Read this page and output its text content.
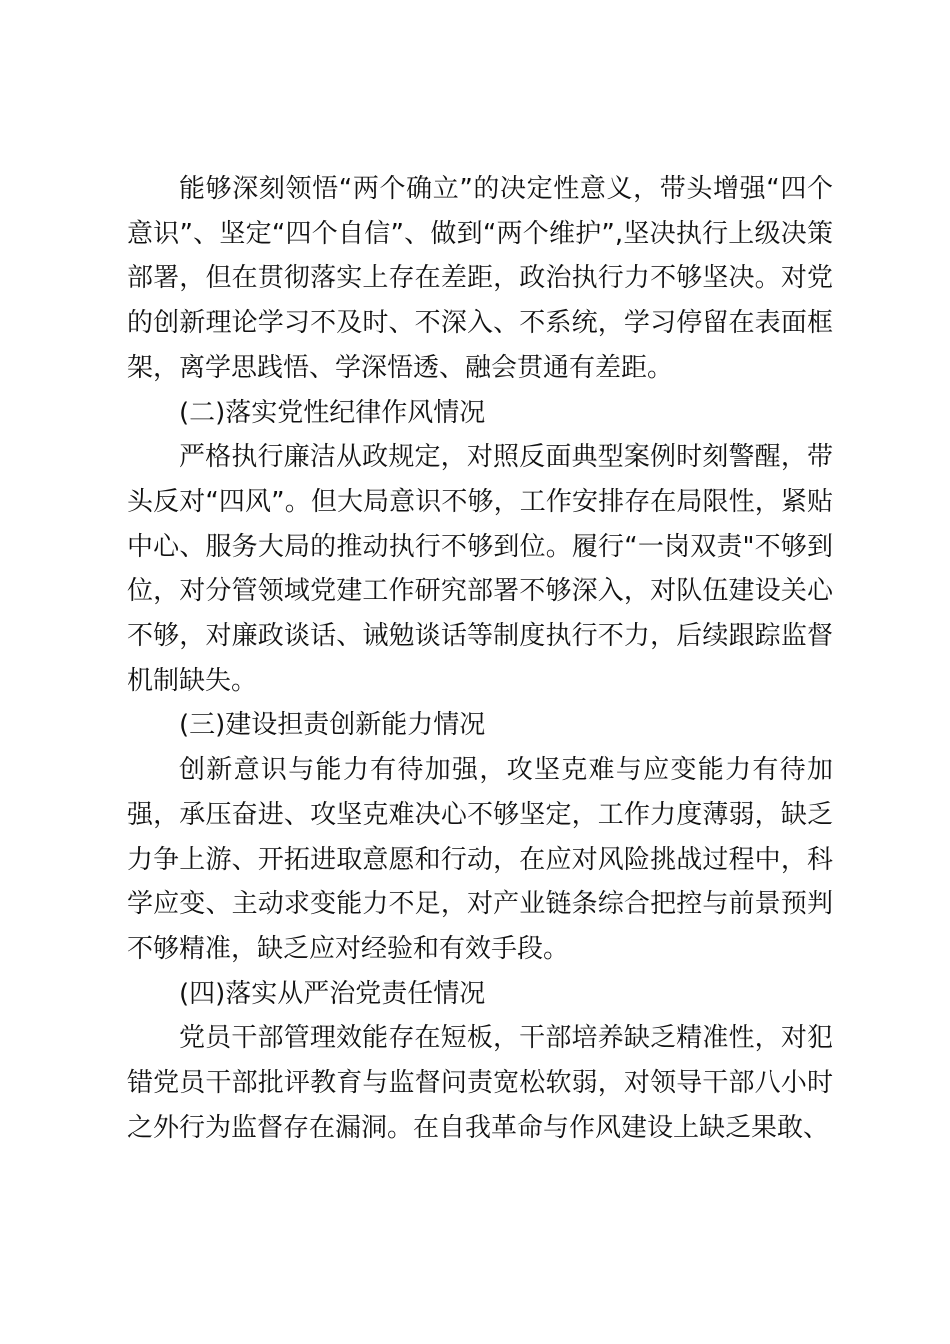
能够深刻领悟“两个确立”的决定性意义，带头增强“四个意识”、坚定“四个自信”、做到“两个维护”,坚决执行上级决策部署，但在贯彻落实上存在差距，政治执行力不够坚决。对党的创新理论学习不及时、不深入、不系统，学习停留在表面框架，离学思践悟、学深悟透、融会贯通有差距。

(二)落实党性纪律作风情况

严格执行廉洁从政规定，对照反面典型案例时刻警醒，带头反对“四风”。但大局意识不够，工作安排存在局限性，紧贴中心、服务大局的推动执行不够到位。履行“一岗双责"不够到位，对分管领域党建工作研究部署不够深入，对队伍建设关心不够，对廉政谈话、诫勉谈话等制度执行不力，后续跟踪监督机制缺失。

(三)建设担责创新能力情况

创新意识与能力有待加强，攻坚克难与应变能力有待加强，承压奋进、攻坚克难决心不够坚定，工作力度薄弱，缺乏力争上游、开拓进取意愿和行动，在应对风险挑战过程中，科学应变、主动求变能力不足，对产业链条综合把控与前景预判不够精准，缺乏应对经验和有效手段。

(四)落实从严治党责任情况

党员干部管理效能存在短板，干部培养缺乏精准性，对犯错党员干部批评教育与监督问责宽松软弱，对领导干部八小时之外行为监督存在漏洞。在自我革命与作风建设上缺乏果敢、
